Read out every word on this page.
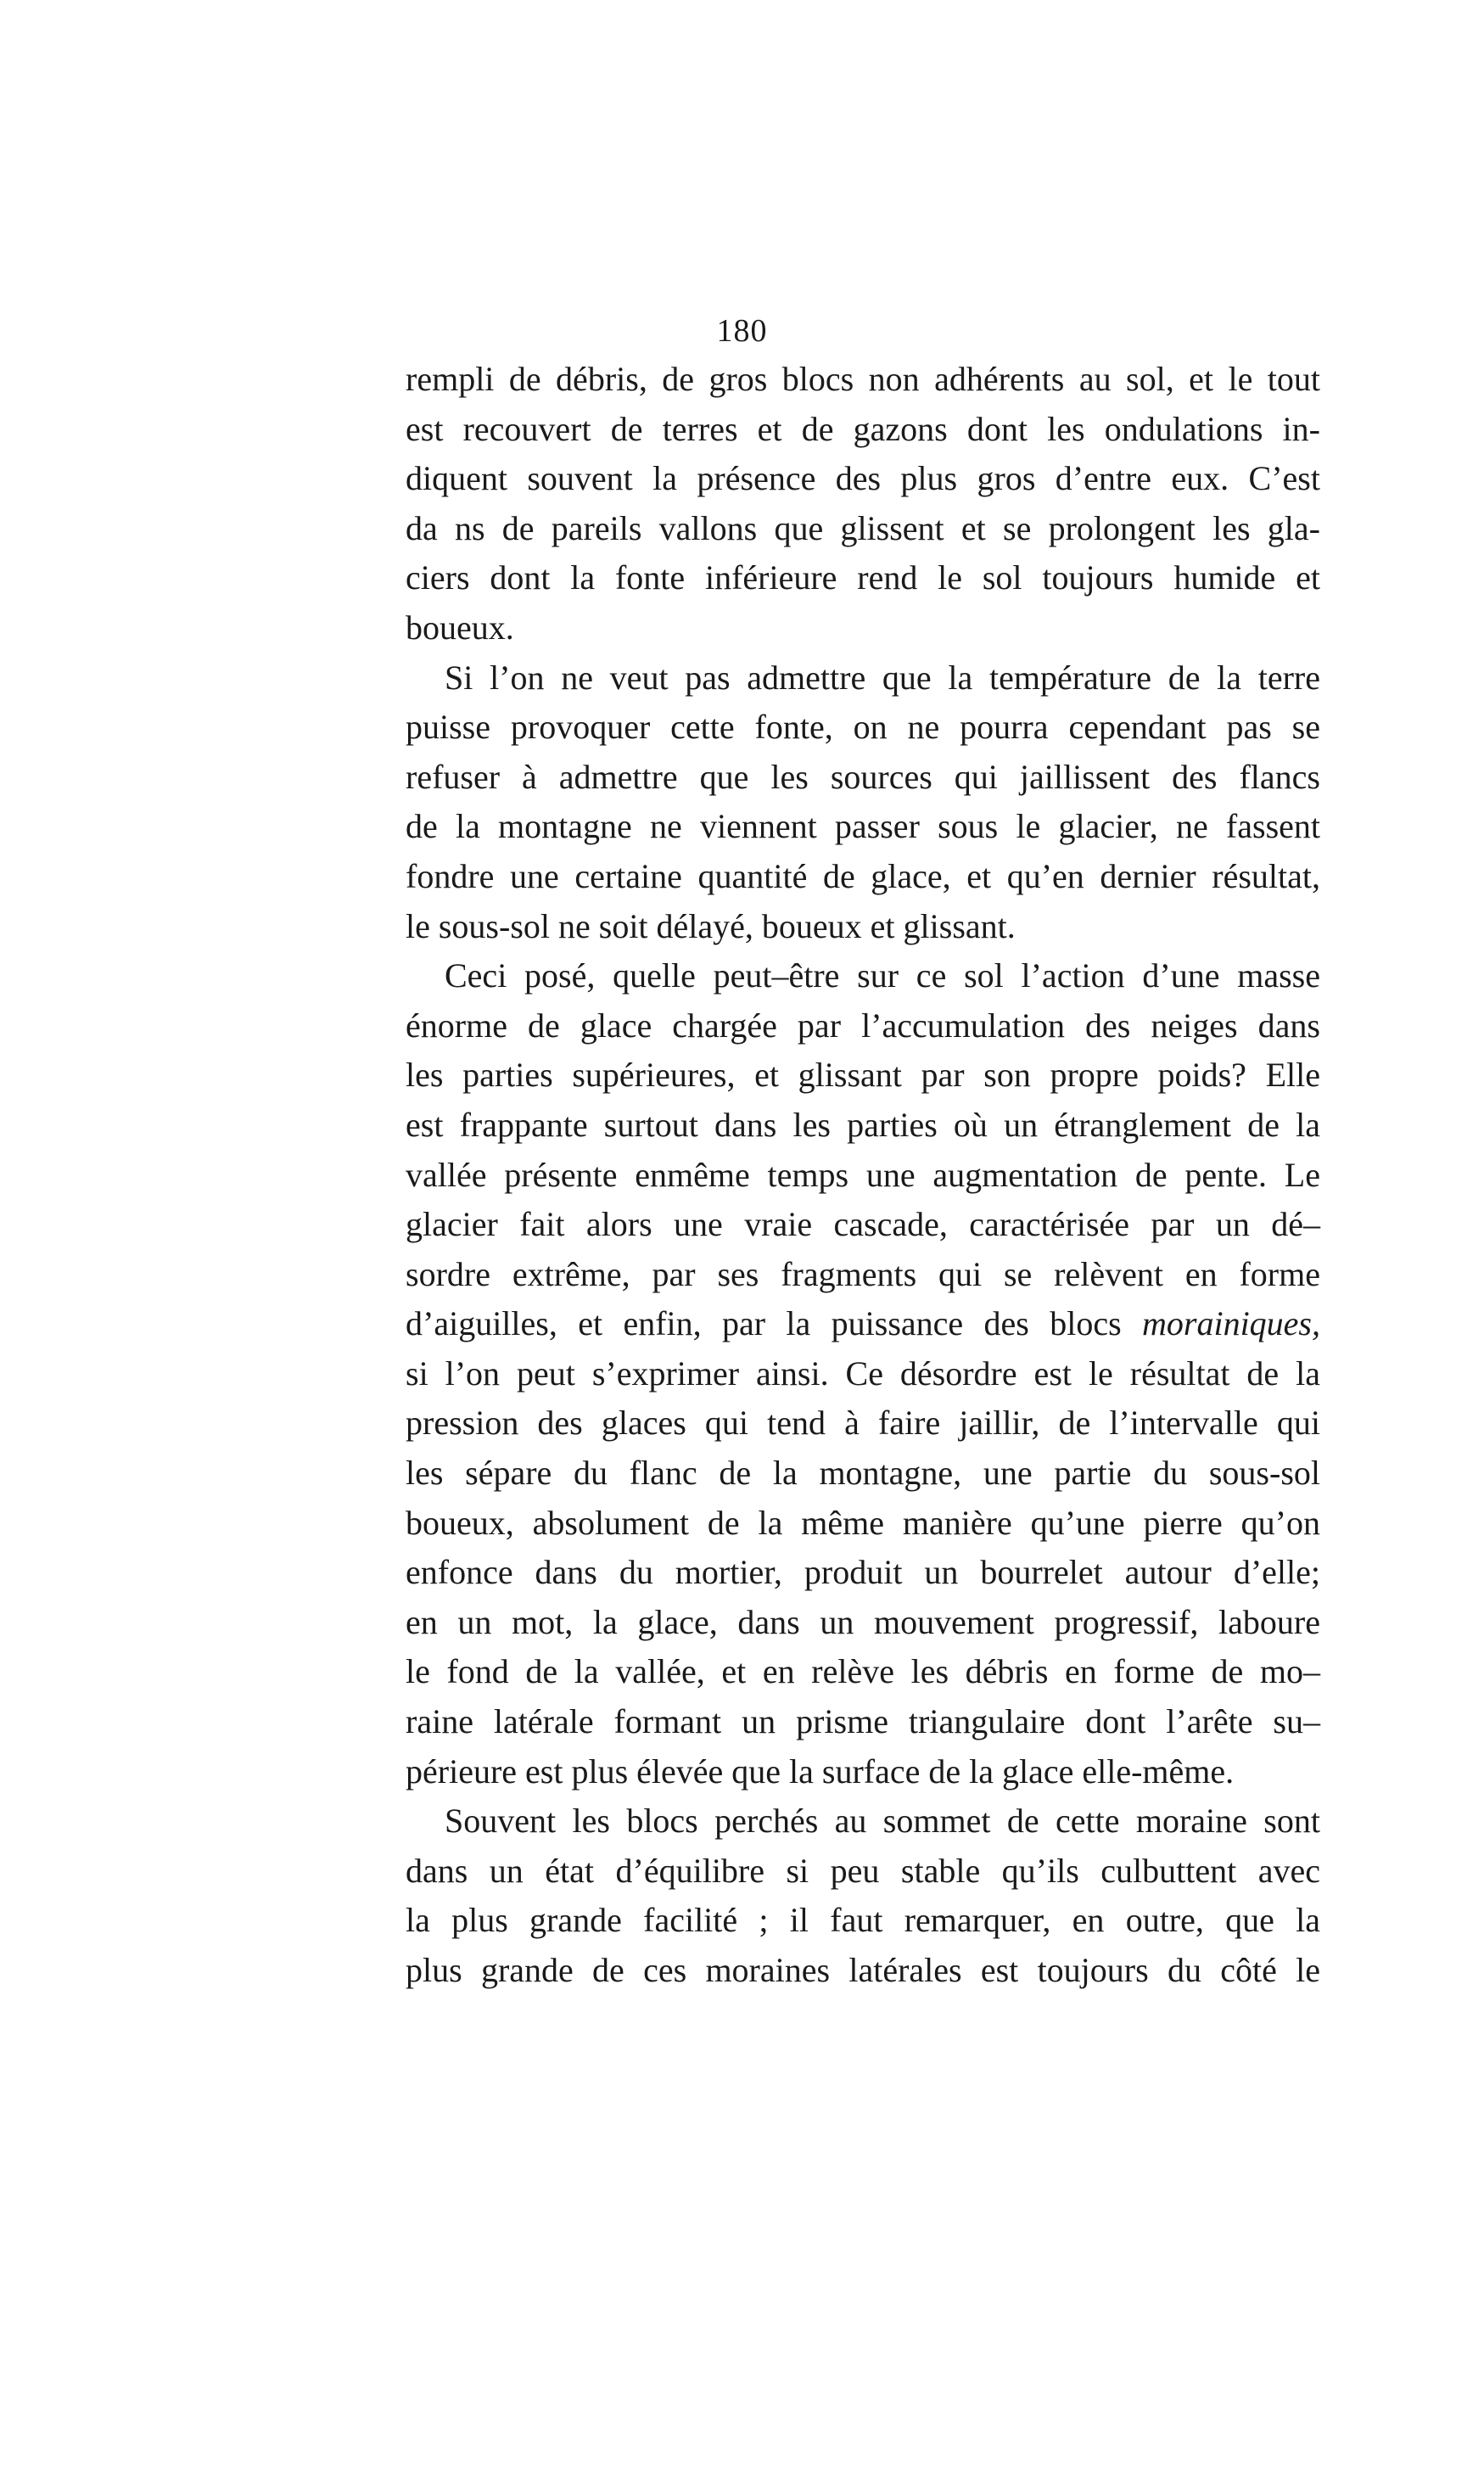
180
rempli de débris, de gros blocs non adhérents au sol, et le tout
est recouvert de terres et de gazons dont les ondulations in-
diquent souvent la présence des plus gros d’entre eux. C’est
da ns de pareils vallons que glissent et se prolongent les gla-
ciers dont la fonte inférieure rend le sol toujours humide et
boueux.
Si l’on ne veut pas admettre que la température de la terre
puisse provoquer cette fonte, on ne pourra cependant pas se
refuser à admettre que les sources qui jaillissent des flancs
de la montagne ne viennent passer sous le glacier, ne fassent
fondre une certaine quantité de glace, et qu’en dernier résultat,
le sous-sol ne soit délayé, boueux et glissant.
Ceci posé, quelle peut–être sur ce sol l’action d’une masse
énorme de glace chargée par l’accumulation des neiges dans
les parties supérieures, et glissant par son propre poids? Elle
est frappante surtout dans les parties où un étranglement de la
vallée présente enmême temps une augmentation de pente. Le
glacier fait alors une vraie cascade, caractérisée par un dé–
sordre extrême, par ses fragments qui se relèvent en forme
d’aiguilles, et enfin, par la puissance des blocs morainiques,
si l’on peut s’exprimer ainsi. Ce désordre est le résultat de la
pression des glaces qui tend à faire jaillir, de l’intervalle qui
les sépare du flanc de la montagne, une partie du sous-sol
boueux, absolument de la même manière qu’une pierre qu’on
enfonce dans du mortier, produit un bourrelet autour d’elle;
en un mot, la glace, dans un mouvement progressif, laboure
le fond de la vallée, et en relève les débris en forme de mo–
raine latérale formant un prisme triangulaire dont l’arête su–
périeure est plus élevée que la surface de la glace elle-même.
Souvent les blocs perchés au sommet de cette moraine sont
dans un état d’équilibre si peu stable qu’ils culbuttent avec
la plus grande facilité ; il faut remarquer, en outre, que la
plus grande de ces moraines latérales est toujours du côté le
